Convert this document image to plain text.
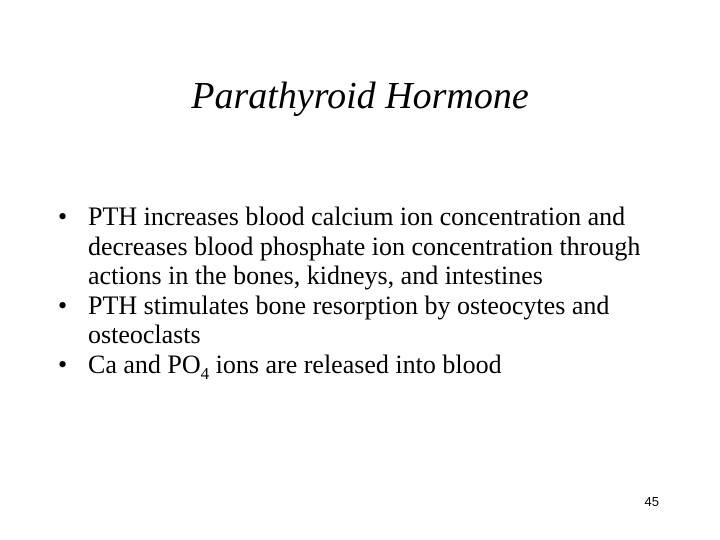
Parathyroid Hormone
• PTH increases blood calcium ion concentration and decreases blood phosphate ion concentration through actions in the bones, kidneys, and intestines
• PTH stimulates bone resorption by osteocytes and osteoclasts
• Ca and $PO_4$ ions are released into blood
45
